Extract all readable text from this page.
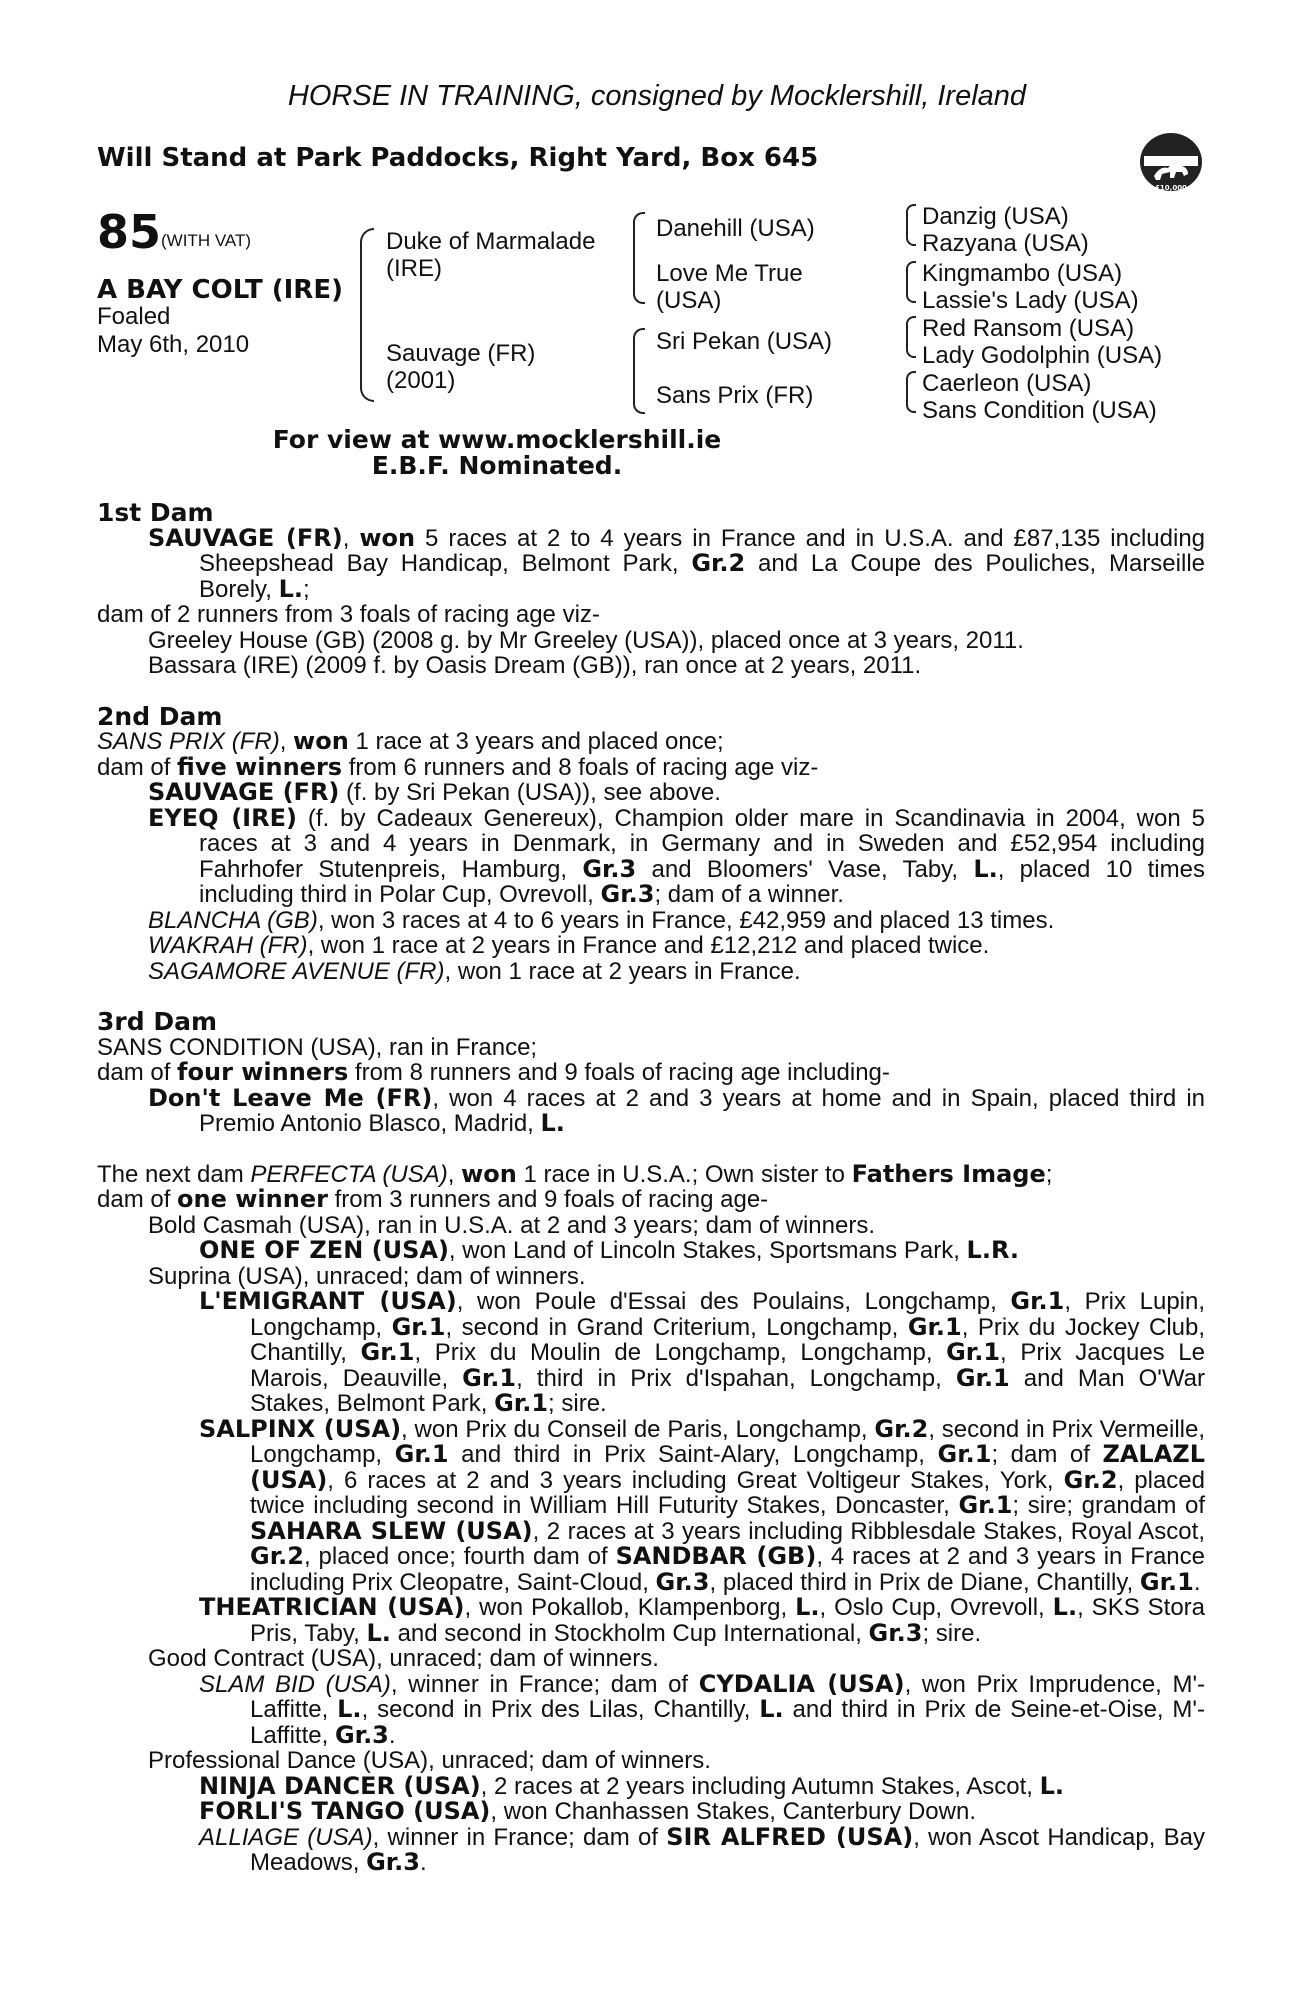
HORSE IN TRAINING, consigned by Mocklershill, Ireland
Will Stand at Park Paddocks, Right Yard, Box 645
£10,000
85 (WITH VAT)
A BAY COLT (IRE)
Foaled
May 6th, 2010
Duke of Marmalade
(IRE)
Sauvage (FR)
(2001)
Danehill (USA)
Love Me True
(USA)
Sri Pekan (USA)
Sans Prix (FR)
Danzig (USA)
Razyana (USA)
Kingmambo (USA)
Lassie's Lady (USA)
Red Ransom (USA)
Lady Godolphin (USA)
Caerleon (USA)
Sans Condition (USA)
For view at www.mocklershill.ie
E.B.F. Nominated.

1st Dam

SAUVAGE (FR), won 5 races at 2 to 4 years in France and in U.S.A. and £87,135 including Sheepshead Bay Handicap, Belmont Park, Gr.2 and La Coupe des Pouliches, Marseille Borely, L.;

dam of 2 runners from 3 foals of racing age viz-

Greeley House (GB) (2008 g. by Mr Greeley (USA)), placed once at 3 years, 2011.

Bassara (IRE) (2009 f. by Oasis Dream (GB)), ran once at 2 years, 2011.

2nd Dam

SANS PRIX (FR), won 1 race at 3 years and placed once;

dam of five winners from 6 runners and 8 foals of racing age viz-

SAUVAGE (FR) (f. by Sri Pekan (USA)), see above.

EYEQ (IRE) (f. by Cadeaux Genereux), Champion older mare in Scandinavia in 2004, won 5 races at 3 and 4 years in Denmark, in Germany and in Sweden and £52,954 including Fahrhofer Stutenpreis, Hamburg, Gr.3 and Bloomers' Vase, Taby, L., placed 10 times including third in Polar Cup, Ovrevoll, Gr.3; dam of a winner.

BLANCHA (GB), won 3 races at 4 to 6 years in France, £42,959 and placed 13 times.

WAKRAH (FR), won 1 race at 2 years in France and £12,212 and placed twice.

SAGAMORE AVENUE (FR), won 1 race at 2 years in France.

3rd Dam

SANS CONDITION (USA), ran in France;

dam of four winners from 8 runners and 9 foals of racing age including-

Don't Leave Me (FR), won 4 races at 2 and 3 years at home and in Spain, placed third in Premio Antonio Blasco, Madrid, L.

The next dam PERFECTA (USA), won 1 race in U.S.A.; Own sister to Fathers Image;

dam of one winner from 3 runners and 9 foals of racing age-

Bold Casmah (USA), ran in U.S.A. at 2 and 3 years; dam of winners.

ONE OF ZEN (USA), won Land of Lincoln Stakes, Sportsmans Park, L.R.

Suprina (USA), unraced; dam of winners.

L'EMIGRANT (USA), won Poule d'Essai des Poulains, Longchamp, Gr.1, Prix Lupin, Longchamp, Gr.1, second in Grand Criterium, Longchamp, Gr.1, Prix du Jockey Club, Chantilly, Gr.1, Prix du Moulin de Longchamp, Longchamp, Gr.1, Prix Jacques Le Marois, Deauville, Gr.1, third in Prix d'Ispahan, Longchamp, Gr.1 and Man O'War Stakes, Belmont Park, Gr.1; sire.

SALPINX (USA), won Prix du Conseil de Paris, Longchamp, Gr.2, second in Prix Vermeille, Longchamp, Gr.1 and third in Prix Saint-Alary, Longchamp, Gr.1; dam of ZALAZL (USA), 6 races at 2 and 3 years including Great Voltigeur Stakes, York, Gr.2, placed twice including second in William Hill Futurity Stakes, Doncaster, Gr.1; sire; grandam of SAHARA SLEW (USA), 2 races at 3 years including Ribblesdale Stakes, Royal Ascot, Gr.2, placed once; fourth dam of SANDBAR (GB), 4 races at 2 and 3 years in France including Prix Cleopatre, Saint-Cloud, Gr.3, placed third in Prix de Diane, Chantilly, Gr.1.

THEATRICIAN (USA), won Pokallob, Klampenborg, L., Oslo Cup, Ovrevoll, L., SKS Stora Pris, Taby, L. and second in Stockholm Cup International, Gr.3; sire.

Good Contract (USA), unraced; dam of winners.

SLAM BID (USA), winner in France; dam of CYDALIA (USA), won Prix Imprudence, M'-Laffitte, L., second in Prix des Lilas, Chantilly, L. and third in Prix de Seine-et-Oise, M'-Laffitte, Gr.3.

Professional Dance (USA), unraced; dam of winners.

NINJA DANCER (USA), 2 races at 2 years including Autumn Stakes, Ascot, L.

FORLI'S TANGO (USA), won Chanhassen Stakes, Canterbury Down.

ALLIAGE (USA), winner in France; dam of SIR ALFRED (USA), won Ascot Handicap, Bay Meadows, Gr.3.
